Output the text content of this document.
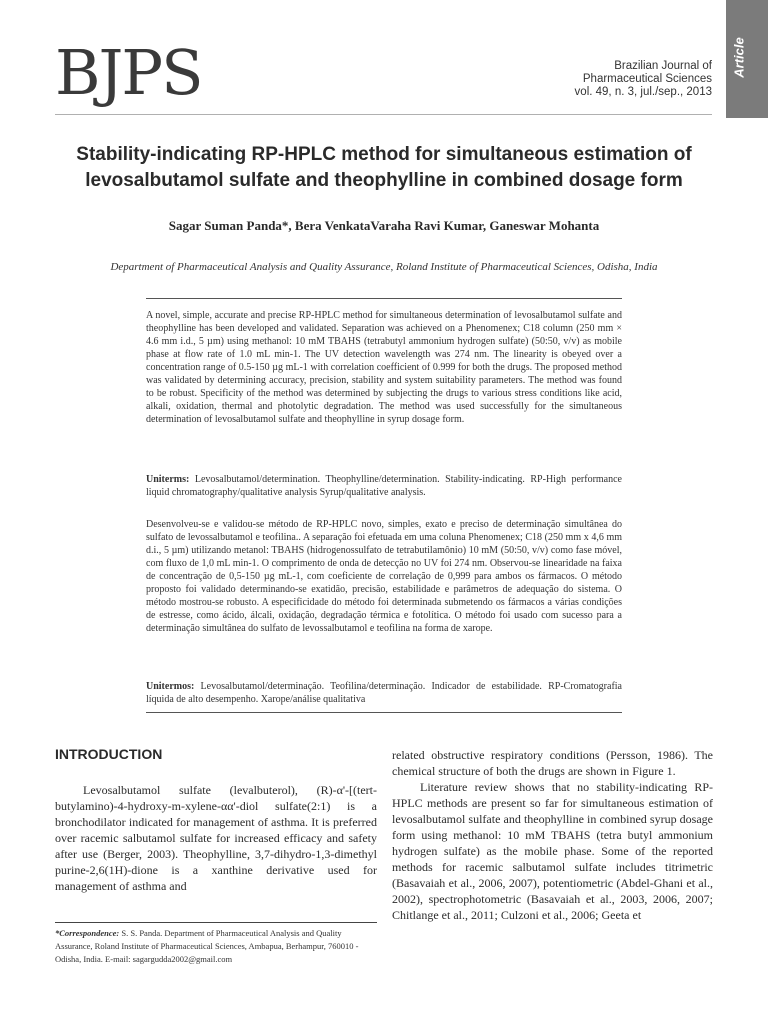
Article
BJPS	Brazilian Journal of
Pharmaceutical Sciences
vol. 49, n. 3, jul./sep., 2013
Stability-indicating RP-HPLC method for simultaneous estimation of
levosalbutamol sulfate and theophylline in combined dosage form
Sagar Suman Panda*, Bera VenkataVaraha Ravi Kumar, Ganeswar Mohanta
Department of Pharmaceutical Analysis and Quality Assurance, Roland Institute of Pharmaceutical Sciences, Odisha, India
A novel, simple, accurate and precise RP-HPLC method for simultaneous determination of levosalbutamol sulfate and theophylline has been developed and validated. Separation was achieved on a Phenomenex; C18 column (250 mm × 4.6 mm i.d., 5 µm) using methanol: 10 mM TBAHS (tetrabutyl ammonium hydrogen sulfate) (50:50, v/v) as mobile phase at flow rate of 1.0 mL min-1. The UV detection wavelength was 274 nm. The linearity is obeyed over a concentration range of 0.5-150 µg mL-1 with correlation coefficient of 0.999 for both the drugs. The proposed method was validated by determining accuracy, precision, stability and system suitability parameters. The method was found to be robust. Specificity of the method was determined by subjecting the drugs to various stress conditions like acid, alkali, oxidation, thermal and photolytic degradation. The method was used successfully for the simultaneous determination of levosalbutamol sulfate and theophylline in syrup dosage form.
Uniterms: Levosalbutamol/determination. Theophylline/determination. Stability-indicating. RP-High performance liquid chromatography/qualitative analysis Syrup/qualitative analysis.
Desenvolveu-se e validou-se método de RP-HPLC novo, simples, exato e preciso de determinação simultânea do sulfato de levossalbutamol e teofilina.. A separação foi efetuada em uma coluna Phenomenex; C18 (250 mm x 4,6 mm d.i., 5 µm) utilizando metanol: TBAHS (hidrogenossulfato de tetrabutilamônio) 10 mM (50:50, v/v) como fase móvel, com fluxo de 1,0 mL min-1. O comprimento de onda de detecção no UV foi 274 nm. Observou-se linearidade na faixa de concentração de 0,5-150 µg mL-1, com coeficiente de correlação de 0,999 para ambos os fármacos. O método proposto foi validado determinando-se exatidão, precisão, estabilidade e parâmetros de adequação do sistema. O método mostrou-se robusto. A especificidade do método foi determinada submetendo os fármacos a várias condições de estresse, como ácido, álcali, oxidação, degradação térmica e fotolítica. O método foi usado com sucesso para a determinação simultânea do sulfato de levossalbutamol e teofilina na forma de xarope.
Unitermos: Levosalbutamol/determinação. Teofilina/determinação. Indicador de estabilidade. RP-Cromatografia líquida de alto desempenho. Xarope/análise qualitativa
INTRODUCTION

Levosalbutamol sulfate (levalbuterol), (R)-α'-[(tert-butylamino)-4-hydroxy-m-xylene-αα'-diol sulfate(2:1) is a bronchodilator indicated for management of asthma. It is preferred over racemic salbutamol sulfate for increased efficacy and safety after use (Berger, 2003). Theophylline, 3,7-dihydro-1,3-dimethyl purine-2,6(1H)-dione is a xanthine derivative used for management of asthma and

related obstructive respiratory conditions (Persson, 1986). The chemical structure of both the drugs are shown in Figure 1.

Literature review shows that no stability-indicating RP-HPLC methods are present so far for simultaneous estimation of levosalbutamol sulfate and theophylline in combined syrup dosage form using methanol: 10 mM TBAHS (tetra butyl ammonium hydrogen sulfate) as the mobile phase. Some of the reported methods for racemic salbutamol sulfate includes titrimetric (Basavaiah et al., 2006, 2007), potentiometric (Abdel-Ghani et al., 2002), spectrophotometric (Basavaiah et al., 2003, 2006, 2007; Chitlange et al., 2011; Culzoni et al., 2006; Geeta et

*Correspondence: S. S. Panda. Department of Pharmaceutical Analysis and Quality Assurance, Roland Institute of Pharmaceutical Sciences, Ambapua, Berhampur, 760010 - Odisha, India. E-mail: sagargudda2002@gmail.com
